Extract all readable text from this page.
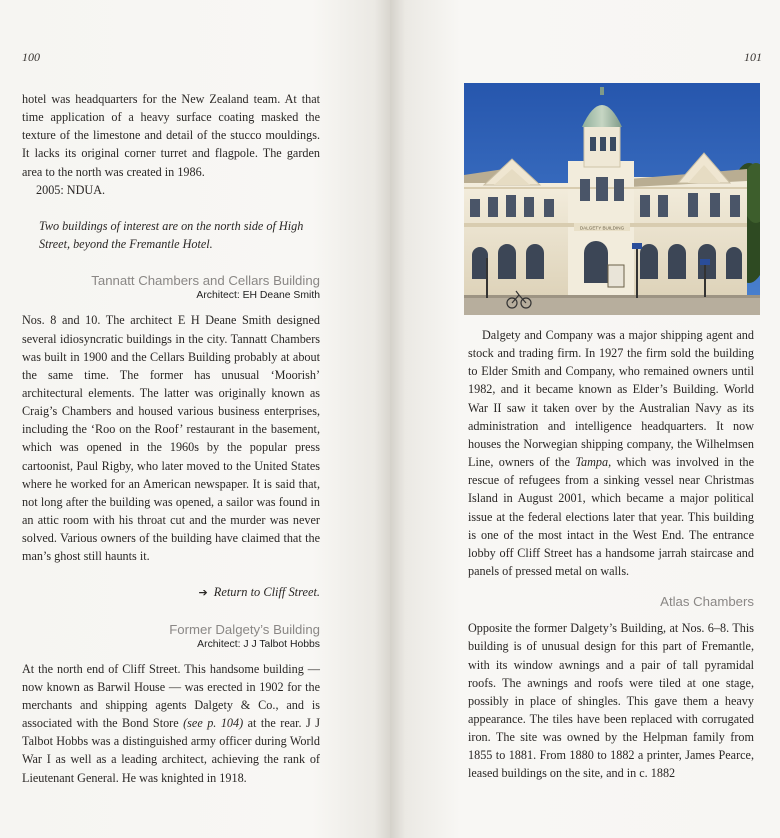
100

hotel was headquarters for the New Zealand team. At that time application of a heavy surface coating masked the texture of the limestone and detail of the stucco mouldings. It lacks its original corner turret and flagpole. The garden area to the north was created in 1986.

2005: NDUA.

Two buildings of interest are on the north side of High Street, beyond the Fremantle Hotel.

Tannatt Chambers and Cellars Building
Architect: EH Deane Smith

Nos. 8 and 10. The architect E H Deane Smith designed several idiosyncratic buildings in the city. Tannatt Chambers was built in 1900 and the Cellars Building probably at about the same time. The former has unusual ‘Moorish’ architectural elements. The latter was originally known as Craig’s Chambers and housed various business enterprises, including the ‘Roo on the Roof’ restaurant in the basement, which was opened in the 1960s by the popular press cartoonist, Paul Rigby, who later moved to the United States where he worked for an American newspaper. It is said that, not long after the building was opened, a sailor was found in an attic room with his throat cut and the murder was never solved. Various owners of the building have claimed that the man’s ghost still haunts it.

➔ Return to Cliff Street.

Former Dalgety’s Building
Architect: J J Talbot Hobbs

At the north end of Cliff Street. This handsome building — now known as Barwil House — was erected in 1902 for the merchants and shipping agents Dalgety & Co., and is associated with the Bond Store (see p. 104) at the rear. J J Talbot Hobbs was a distinguished army officer during World War I as well as a leading architect, achieving the rank of Lieutenant General. He was knighted in 1918.

101
DALGETY BUILDING

Dalgety and Company was a major shipping agent and stock and trading firm. In 1927 the firm sold the building to Elder Smith and Company, who remained owners until 1982, and it became known as Elder’s Building. World War II saw it taken over by the Australian Navy as its administration and intelligence headquarters. It now houses the Norwegian shipping company, the Wilhelmsen Line, owners of the Tampa, which was involved in the rescue of refugees from a sinking vessel near Christmas Island in August 2001, which became a major political issue at the federal elections later that year. This building is one of the most intact in the West End. The entrance lobby off Cliff Street has a handsome jarrah staircase and panels of pressed metal on walls.

Atlas Chambers

Opposite the former Dalgety’s Building, at Nos. 6–8. This building is of unusual design for this part of Fremantle, with its window awnings and a pair of tall pyramidal roofs. The awnings and roofs were tiled at one stage, possibly in place of shingles. This gave them a heavy appearance. The tiles have been replaced with corrugated iron. The site was owned by the Helpman family from 1855 to 1881. From 1880 to 1882 a printer, James Pearce, leased buildings on the site, and in c. 1882
